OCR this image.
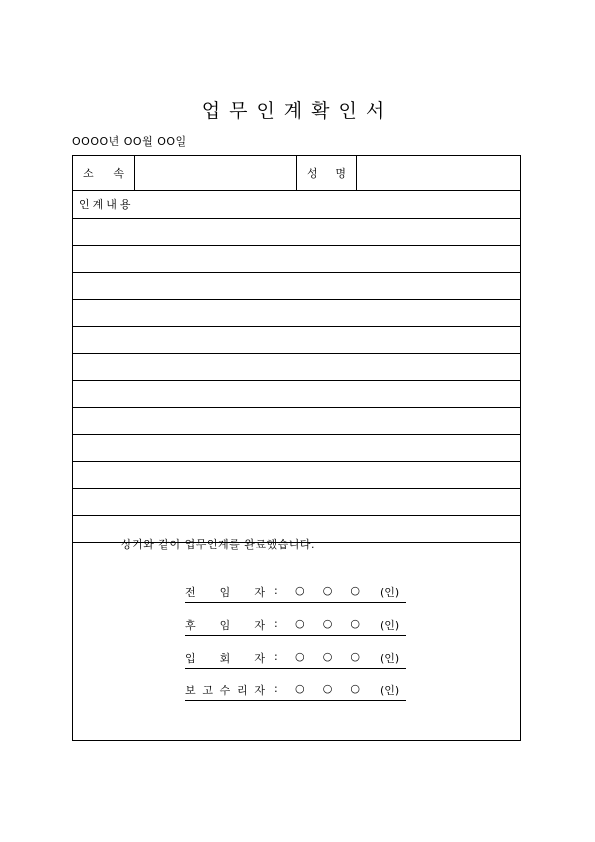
업무인계확인서
OOOO년 OO월 OO일
소 속	성 명
인계내용
상기와 같이 업무인계를 완료했습니다.
전 임 자 : ○ ○ ○ (인)
후 임 자 : ○ ○ ○ (인)
입 회 자 : ○ ○ ○ (인)
보 고 수 리 자 : ○ ○ ○ (인)
